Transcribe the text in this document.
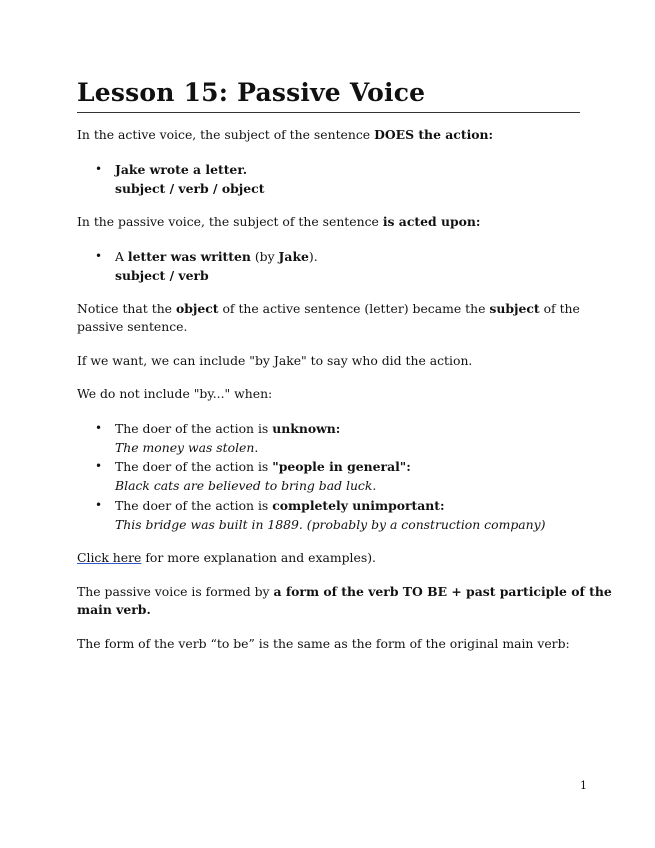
Lesson 15: Passive Voice
In the active voice, the subject of the sentence DOES the action:
• Jake wrote a letter.
subject / verb / object
In the passive voice, the subject of the sentence is acted upon:
• A letter was written (by Jake).
subject / verb
Notice that the object of the active sentence (letter) became the subject of the
passive sentence.
If we want, we can include "by Jake" to say who did the action.
We do not include "by..." when:
• The doer of the action is unknown:
The money was stolen.
• The doer of the action is "people in general":
Black cats are believed to bring bad luck.
• The doer of the action is completely unimportant:
This bridge was built in 1889. (probably by a construction company)
Click here for more explanation and examples).
The passive voice is formed by a form of the verb TO BE + past participle of the
main verb.
The form of the verb “to be” is the same as the form of the original main verb:
1
